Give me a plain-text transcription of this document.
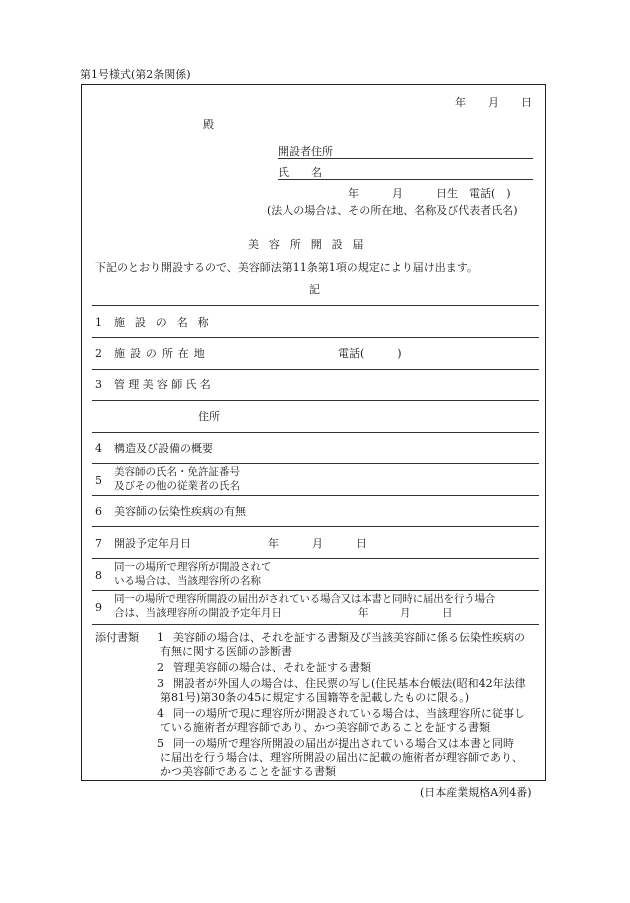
第1号様式(第2条関係)
年　　月　　日
殿
開設者住所
氏　　名
年　　　月　　　日生　電話(　)
(法人の場合は、その所在地、名称及び代表者氏名)
美容所開設届
下記のとおり開設するので、美容師法第11条第1項の規定により届け出ます。
記
1 施設の名称
2 施設の所在地	電話(　　　)
3 管理美容師氏名
住所
4 構造及び設備の概要
5
美容師の氏名・免許証番号
及びその他の従業者の氏名
6 美容師の伝染性疾病の有無
7 開設予定年月日	年　　　月　　　日
8
同一の場所で理容所が開設されて
いる場合は、当該理容所の名称
9
同一の場所で理容所開設の届出がされている場合又は本書と同時に届出を行う場合
合は、当該理容所の開設予定年月日	年　　　月　　　日
添付書類 1 美容師の場合は、それを証する書類及び当該美容師に係る伝染性疾病の
有無に関する医師の診断書
2 管理美容師の場合は、それを証する書類
3 開設者が外国人の場合は、住民票の写し(住民基本台帳法(昭和42年法律
第81号)第30条の45に規定する国籍等を記載したものに限る。)
4 同一の場所で現に理容所が開設されている場合は、当該理容所に従事し
ている施術者が理容師であり、かつ美容師であることを証する書類
5 同一の場所で理容所開設の届出が提出されている場合又は本書と同時
に届出を行う場合は、理容所開設の届出に記載の施術者が理容師であり、
かつ美容師であることを証する書類
(日本産業規格A列4番)
